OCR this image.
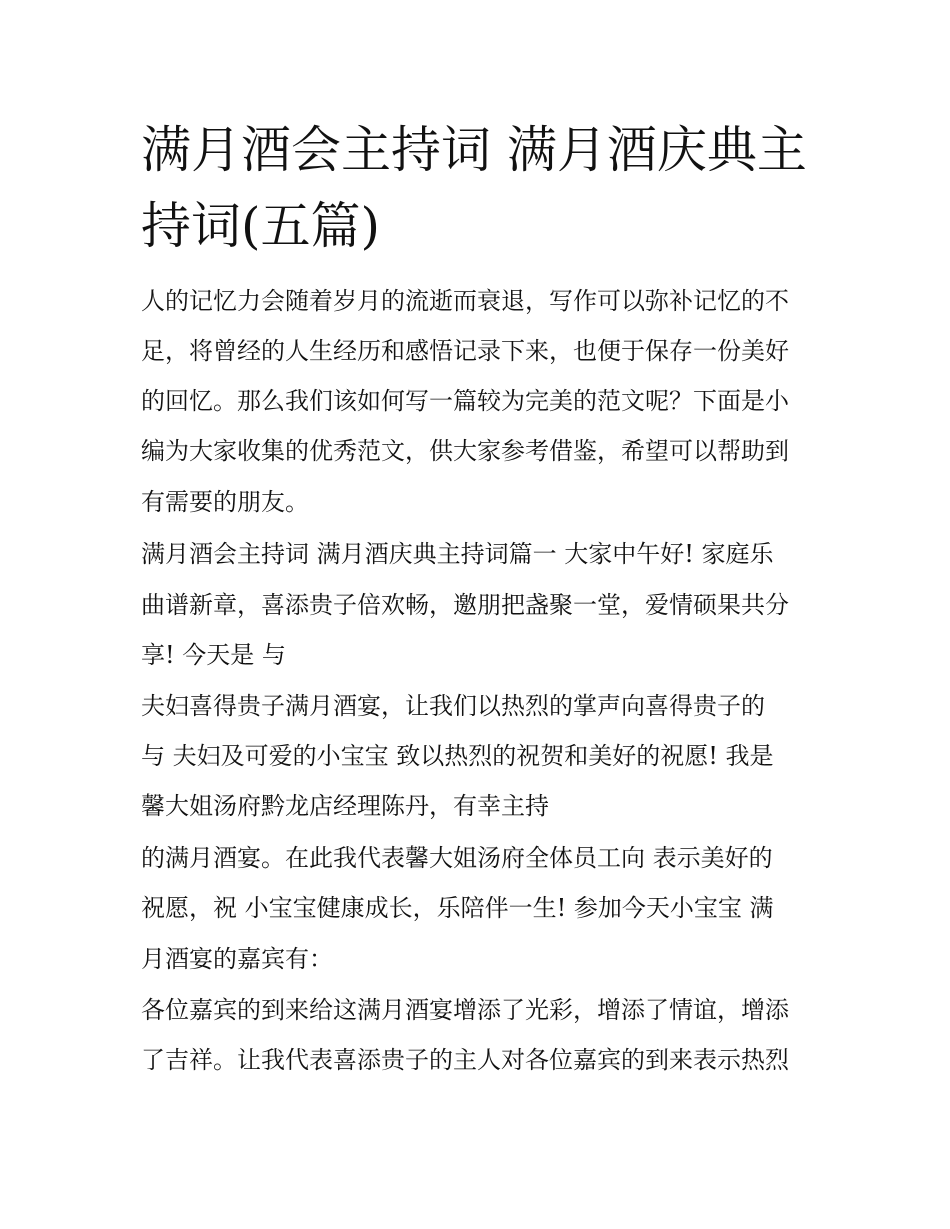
满月酒会主持词 满月酒庆典主
持词(五篇)

人的记忆力会随着岁月的流逝而衰退，写作可以弥补记忆的不

足，将曾经的人生经历和感悟记录下来，也便于保存一份美好

的回忆。那么我们该如何写一篇较为完美的范文呢？下面是小

编为大家收集的优秀范文，供大家参考借鉴，希望可以帮助到

有需要的朋友。

满月酒会主持词 满月酒庆典主持词篇一 大家中午好! 家庭乐

曲谱新章，喜添贵子倍欢畅，邀朋把盏聚一堂，爱情硕果共分

享! 今天是 与

夫妇喜得贵子满月酒宴，让我们以热烈的掌声向喜得贵子的

与 夫妇及可爱的小宝宝 致以热烈的祝贺和美好的祝愿! 我是

馨大姐汤府黔龙店经理陈丹，有幸主持

的满月酒宴。在此我代表馨大姐汤府全体员工向 表示美好的

祝愿，祝 小宝宝健康成长，乐陪伴一生! 参加今天小宝宝 满

月酒宴的嘉宾有：

各位嘉宾的到来给这满月酒宴增添了光彩，增添了情谊，增添

了吉祥。让我代表喜添贵子的主人对各位嘉宾的到来表示热烈
